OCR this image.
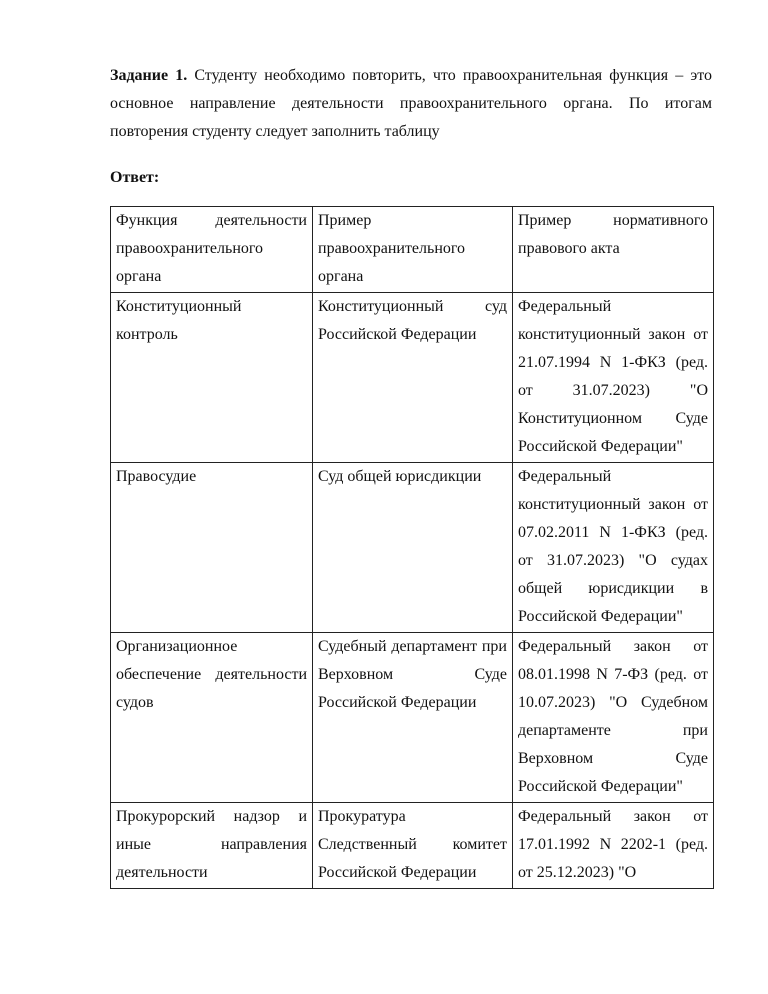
Задание 1. Студенту необходимо повторить, что правоохранительная функция – это основное направление деятельности правоохранительного органа. По итогам повторения студенту следует заполнить таблицу

Ответ:
Функция деятельности правоохранительного органа	Пример правоохранительного органа	Пример нормативного правового акта
Конституционный контроль	Конституционный суд Российской Федерации	Федеральный конституционный закон от 21.07.1994 N 1-ФКЗ (ред. от 31.07.2023) "О Конституционном Суде Российской Федерации"
Правосудие	Суд общей юрисдикции	Федеральный конституционный закон от 07.02.2011 N 1-ФКЗ (ред. от 31.07.2023) "О судах общей юрисдикции в Российской Федерации"
Организационное обеспечение деятельности судов	Судебный департамент при Верховном Суде Российской Федерации	Федеральный закон от 08.01.1998 N 7-ФЗ (ред. от 10.07.2023) "О Судебном департаменте при Верховном Суде Российской Федерации"
Прокурорский надзор и иные направления деятельности	Прокуратура Следственный комитет Российской Федерации	Федеральный закон от 17.01.1992 N 2202-1 (ред. от 25.12.2023) "О
